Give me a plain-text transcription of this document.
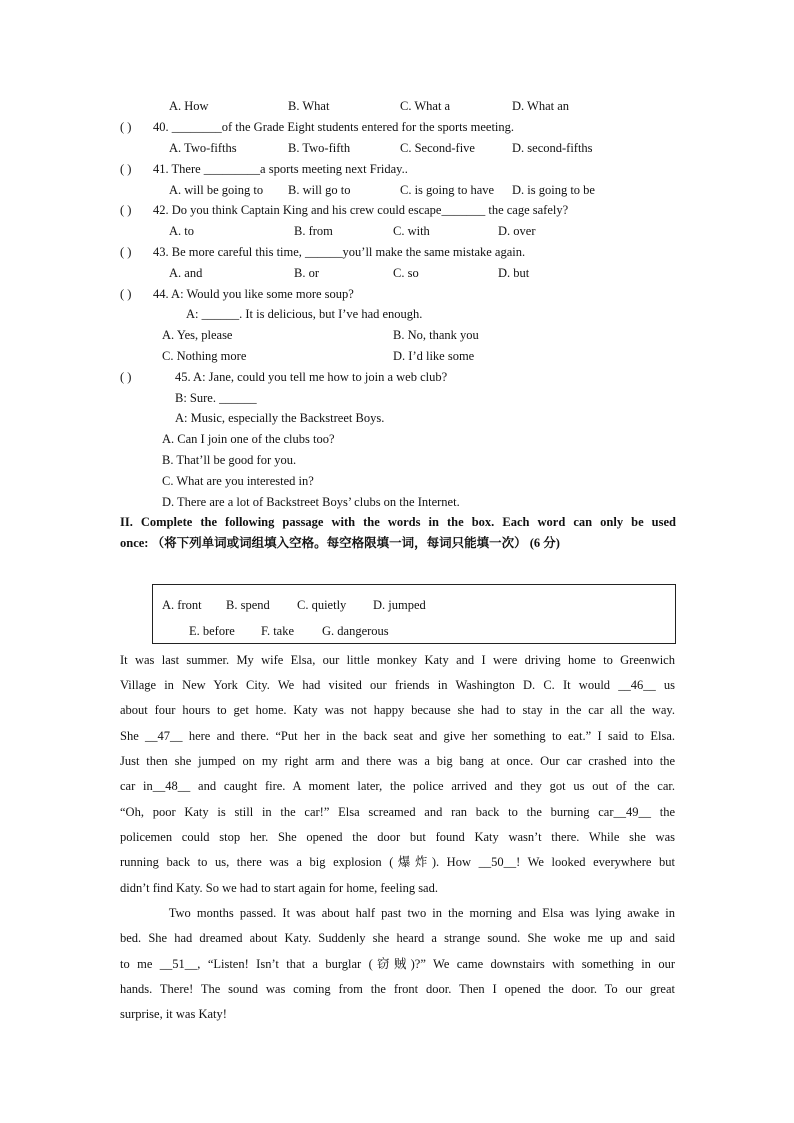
A. How	B. What	C. What a	D. What an
( ) 40. ________of the Grade Eight students entered for the sports meeting.
A. Two-fifths	B. Two-fifth	C. Second-five	D. second-fifths
( ) 41. There _________a sports meeting next Friday..
A. will be going to B. will go to	C. is going to have D. is going to be
( ) 42. Do you think Captain King and his crew could escape_______ the cage safely?
A. to	B. from	C. with	D. over
( ) 43. Be more careful this time, ______you’ll make the same mistake again.
A. and	B. or	C. so	D. but
( ) 44. A: Would you like some more soup?
A: ______. It is delicious, but I’ve had enough.
A. Yes, please	B. No, thank you
C. Nothing more	D. I’d like some
( )	45. A: Jane, could you tell me how to join a web club?
B: Sure. ______
A: Music, especially the Backstreet Boys.
A. Can I join one of the clubs too?
B. That’ll be good for you.
C. What are you interested in?
D. There are a lot of Backstreet Boys’ clubs on the Internet.
II. Complete the following passage with the words in the box. Each word can only be used
once: （将下列单词或词组填入空格。每空格限填一词，每词只能填一次） (6 分)
A. front B. spend C. quietly D. jumped
E. before F. take G. dangerous
It was last summer. My wife Elsa, our little monkey Katy and I were driving home to Greenwich
Village in New York City. We had visited our friends in Washington D. C. It would __46__ us
about four hours to get home. Katy was not happy because she had to stay in the car all the way.
She __47__ here and there. “Put her in the back seat and give her something to eat.” I said to Elsa.
Just then she jumped on my right arm and there was a big bang at once. Our car crashed into the
car in__48__ and caught fire. A moment later, the police arrived and they got us out of the car.
“Oh, poor Katy is still in the car!” Elsa screamed and ran back to the burning car__49__ the
policemen could stop her. She opened the door but found Katy wasn’t there. While she was
running back to us, there was a big explosion (爆炸). How __50__! We looked everywhere but
didn’t find Katy. So we had to start again for home, feeling sad.
Two months passed. It was about half past two in the morning and Elsa was lying awake in
bed. She had dreamed about Katy. Suddenly she heard a strange sound. She woke me up and said
to me __51__, “Listen! Isn’t that a burglar (窃贼)?” We came downstairs with something in our
hands. There! The sound was coming from the front door. Then I opened the door. To our great
surprise, it was Katy!
